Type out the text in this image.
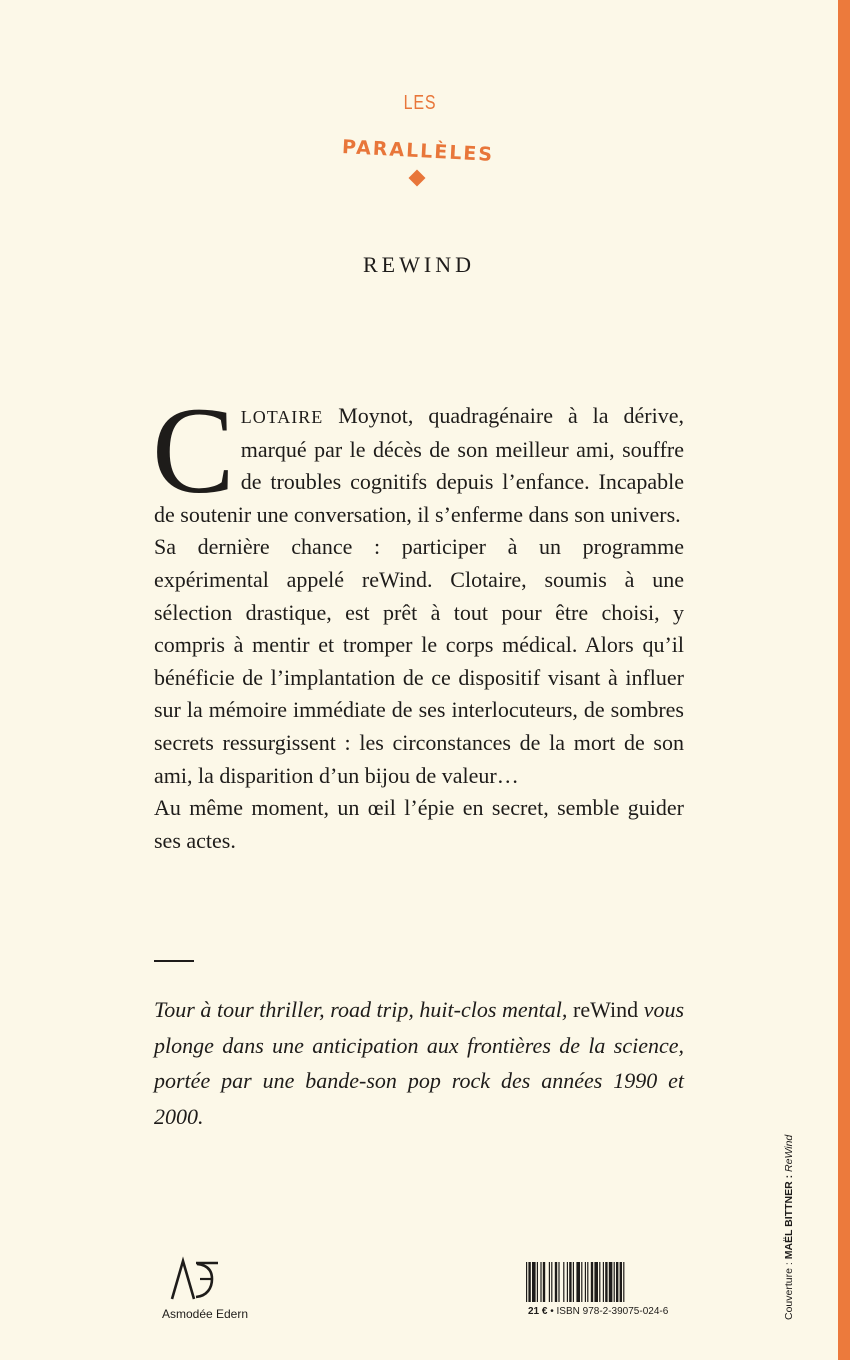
LES
PARALLÈLES
REWIND
CLOTAIRE Moynot, quadragénaire à la dérive, marqué par le décès de son meilleur ami, souffre de troubles cognitifs depuis l’enfance. Incapable de soutenir une conversation, il s’enferme dans son univers.
Sa dernière chance : participer à un programme expérimental appelé reWind. Clotaire, soumis à une sélection drastique, est prêt à tout pour être choisi, y compris à mentir et tromper le corps médical. Alors qu’il bénéficie de l’implantation de ce dispositif visant à influer sur la mémoire immédiate de ses interlocuteurs, de sombres secrets ressurgissent : les circonstances de la mort de son ami, la disparition d’un bijou de valeur…
Au même moment, un œil l’épie en secret, semble guider ses actes.

Tour à tour thriller, road trip, huit-clos mental, reWind vous plonge dans une anticipation aux frontières de la science, portée par une bande-son pop rock des années 1990 et 2000.

AE
Asmodée Edern	21 € • ISBN 978-2-39075-024-6	Couverture : MAËL BITTNER : ReWind
